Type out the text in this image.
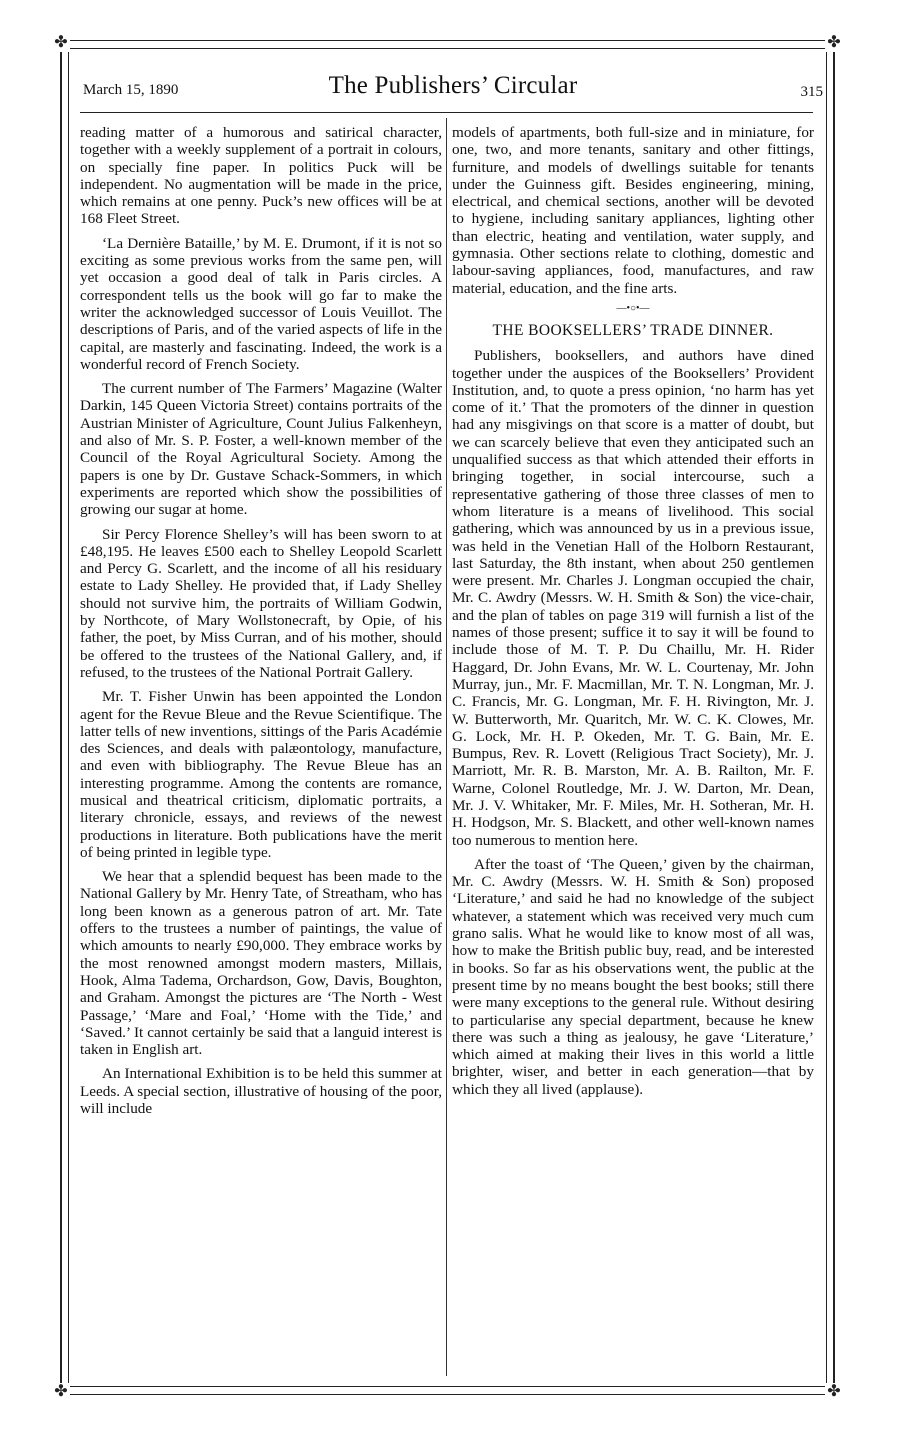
✤	✤
✤	✤
March 15, 1890	The Publishers’ Circular	315

reading matter of a humorous and satirical character, together with a weekly supplement of a portrait in colours, on specially fine paper. In politics Puck will be independent. No augmentation will be made in the price, which remains at one penny. Puck’s new offices will be at 168 Fleet Street.

‘La Dernière Bataille,’ by M. E. Drumont, if it is not so exciting as some previous works from the same pen, will yet occasion a good deal of talk in Paris circles. A correspondent tells us the book will go far to make the writer the acknowledged successor of Louis Veuillot. The descriptions of Paris, and of the varied aspects of life in the capital, are masterly and fascinating. Indeed, the work is a wonderful record of French Society.

The current number of The Farmers’ Magazine (Walter Darkin, 145 Queen Victoria Street) contains portraits of the Austrian Minister of Agriculture, Count Julius Falkenheyn, and also of Mr. S. P. Foster, a well-known member of the Council of the Royal Agricultural Society. Among the papers is one by Dr. Gustave Schack-Sommers, in which experiments are reported which show the possibilities of growing our sugar at home.

Sir Percy Florence Shelley’s will has been sworn to at £48,195. He leaves £500 each to Shelley Leopold Scarlett and Percy G. Scarlett, and the income of all his residuary estate to Lady Shelley. He provided that, if Lady Shelley should not survive him, the portraits of William Godwin, by Northcote, of Mary Wollstonecraft, by Opie, of his father, the poet, by Miss Curran, and of his mother, should be offered to the trustees of the National Gallery, and, if refused, to the trustees of the National Portrait Gallery.

Mr. T. Fisher Unwin has been appointed the London agent for the Revue Bleue and the Revue Scientifique. The latter tells of new inventions, sittings of the Paris Académie des Sciences, and deals with palæontology, manufacture, and even with bibliography. The Revue Bleue has an interesting programme. Among the contents are romance, musical and theatrical criticism, diplomatic portraits, a literary chronicle, essays, and reviews of the newest productions in literature. Both publications have the merit of being printed in legible type.

We hear that a splendid bequest has been made to the National Gallery by Mr. Henry Tate, of Streatham, who has long been known as a generous patron of art. Mr. Tate offers to the trustees a number of paintings, the value of which amounts to nearly £90,000. They embrace works by the most renowned amongst modern masters, Millais, Hook, Alma Tadema, Orchardson, Gow, Davis, Boughton, and Graham. Amongst the pictures are ‘The North - West Passage,’ ‘Mare and Foal,’ ‘Home with the Tide,’ and ‘Saved.’ It cannot certainly be said that a languid interest is taken in English art.

An International Exhibition is to be held this summer at Leeds. A special section, illustrative of housing of the poor, will include

models of apartments, both full-size and in miniature, for one, two, and more tenants, sanitary and other fittings, furniture, and models of dwellings suitable for tenants under the Guinness gift. Besides engineering, mining, electrical, and chemical sections, another will be devoted to hygiene, including sanitary appliances, lighting other than electric, heating and ventilation, water supply, and gymnasia. Other sections relate to clothing, domestic and labour-saving appliances, food, manufactures, and raw material, education, and the fine arts.

—•○•—
THE BOOKSELLERS’ TRADE DINNER.

Publishers, booksellers, and authors have dined together under the auspices of the Booksellers’ Provident Institution, and, to quote a press opinion, ‘no harm has yet come of it.’ That the promoters of the dinner in question had any misgivings on that score is a matter of doubt, but we can scarcely believe that even they anticipated such an unqualified success as that which attended their efforts in bringing together, in social intercourse, such a representative gathering of those three classes of men to whom literature is a means of livelihood. This social gathering, which was announced by us in a previous issue, was held in the Venetian Hall of the Holborn Restaurant, last Saturday, the 8th instant, when about 250 gentlemen were present. Mr. Charles J. Longman occupied the chair, Mr. C. Awdry (Messrs. W. H. Smith & Son) the vice-chair, and the plan of tables on page 319 will furnish a list of the names of those present; suffice it to say it will be found to include those of M. T. P. Du Chaillu, Mr. H. Rider Haggard, Dr. John Evans, Mr. W. L. Courtenay, Mr. John Murray, jun., Mr. F. Macmillan, Mr. T. N. Longman, Mr. J. C. Francis, Mr. G. Longman, Mr. F. H. Rivington, Mr. J. W. Butterworth, Mr. Quaritch, Mr. W. C. K. Clowes, Mr. G. Lock, Mr. H. P. Okeden, Mr. T. G. Bain, Mr. E. Bumpus, Rev. R. Lovett (Religious Tract Society), Mr. J. Marriott, Mr. R. B. Marston, Mr. A. B. Railton, Mr. F. Warne, Colonel Routledge, Mr. J. W. Darton, Mr. Dean, Mr. J. V. Whitaker, Mr. F. Miles, Mr. H. Sotheran, Mr. H. H. Hodgson, Mr. S. Blackett, and other well-known names too numerous to mention here.

After the toast of ‘The Queen,’ given by the chairman, Mr. C. Awdry (Messrs. W. H. Smith & Son) proposed ‘Literature,’ and said he had no knowledge of the subject whatever, a statement which was received very much cum grano salis. What he would like to know most of all was, how to make the British public buy, read, and be interested in books. So far as his observations went, the public at the present time by no means bought the best books; still there were many exceptions to the general rule. Without desiring to particularise any special department, because he knew there was such a thing as jealousy, he gave ‘Literature,’ which aimed at making their lives in this world a little brighter, wiser, and better in each generation—that by which they all lived (applause).
